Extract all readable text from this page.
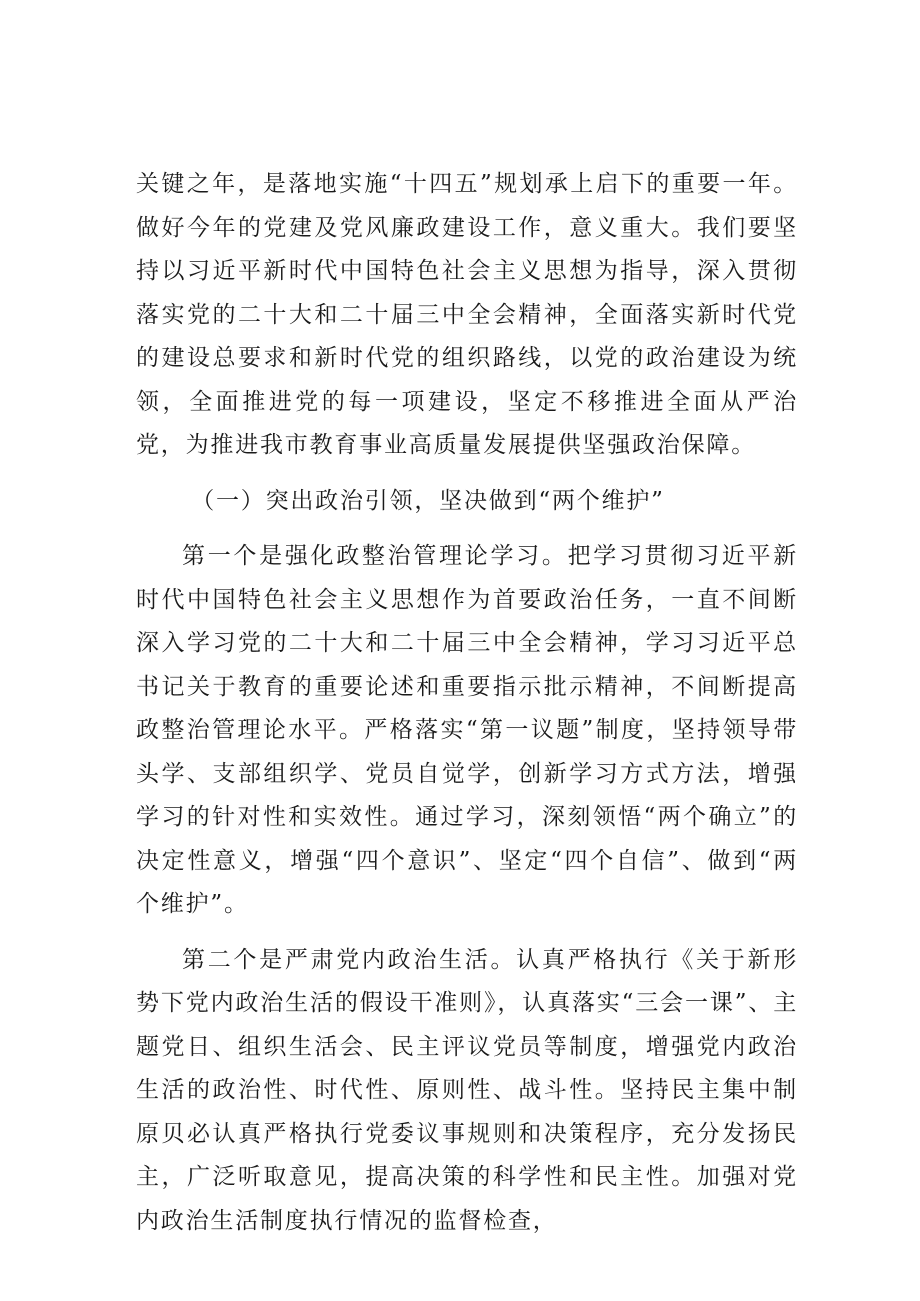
关键之年，是落地实施“十四五”规划承上启下的重要一年。做好今年的党建及党风廉政建设工作，意义重大。我们要坚持以习近平新时代中国特色社会主义思想为指导，深入贯彻落实党的二十大和二十届三中全会精神，全面落实新时代党的建设总要求和新时代党的组织路线，以党的政治建设为统领，全面推进党的每一项建设，坚定不移推进全面从严治党，为推进我市教育事业高质量发展提供坚强政治保障。

（一）突出政治引领，坚决做到“两个维护”

第一个是强化政整治管理论学习。把学习贯彻习近平新时代中国特色社会主义思想作为首要政治任务，一直不间断深入学习党的二十大和二十届三中全会精神，学习习近平总书记关于教育的重要论述和重要指示批示精神，不间断提高政整治管理论水平。严格落实“第一议题”制度，坚持领导带头学、支部组织学、党员自觉学，创新学习方式方法，增强学习的针对性和实效性。通过学习，深刻领悟“两个确立”的决定性意义，增强“四个意识”、坚定“四个自信”、做到“两个维护”。

第二个是严肃党内政治生活。认真严格执行《关于新形势下党内政治生活的假设干准则》，认真落实“三会一课”、主题党日、组织生活会、民主评议党员等制度，增强党内政治生活的政治性、时代性、原则性、战斗性。坚持民主集中制原贝必认真严格执行党委议事规则和决策程序，充分发扬民主，广泛听取意见，提高决策的科学性和民主性。加强对党内政治生活制度执行情况的监督检查，
